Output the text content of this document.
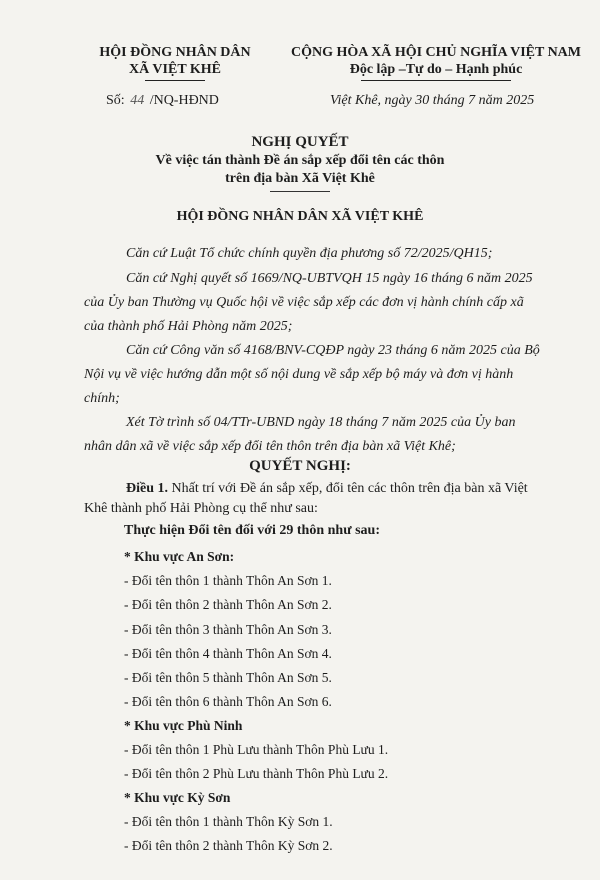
HỘI ĐỒNG NHÂN DÂN
XÃ VIỆT KHÊ
CỘNG HÒA XÃ HỘI CHỦ NGHĨA VIỆT NAM
Độc lập –Tự do – Hạnh phúc
Số: 44 /NQ-HĐND	Việt Khê, ngày 30 tháng 7 năm 2025
NGHỊ QUYẾT
Về việc tán thành Đề án sắp xếp đổi tên các thôn
trên địa bàn Xã Việt Khê
HỘI ĐỒNG NHÂN DÂN XÃ VIỆT KHÊ
Căn cứ Luật Tổ chức chính quyền địa phương số 72/2025/QH15;
Căn cứ Nghị quyết số 1669/NQ-UBTVQH 15 ngày 16 tháng 6 năm 2025
của Ủy ban Thường vụ Quốc hội về việc sắp xếp các đơn vị hành chính cấp xã
của thành phố Hải Phòng năm 2025;
Căn cứ Công văn số 4168/BNV-CQĐP ngày 23 tháng 6 năm 2025 của Bộ
Nội vụ về việc hướng dẫn một số nội dung về sắp xếp bộ máy và đơn vị hành
chính;
Xét Tờ trình số 04/TTr-UBND ngày 18 tháng 7 năm 2025 của Ủy ban
nhân dân xã về việc sắp xếp đổi tên thôn trên địa bàn xã Việt Khê;
QUYẾT NGHỊ:
Điều 1. Nhất trí với Đề án sắp xếp, đổi tên các thôn trên địa bàn xã Việt
Khê thành phố Hải Phòng cụ thể như sau:
Thực hiện Đổi tên đối với 29 thôn như sau:
* Khu vực An Sơn:
- Đổi tên thôn 1 thành Thôn An Sơn 1.
- Đổi tên thôn 2 thành Thôn An Sơn 2.
- Đổi tên thôn 3 thành Thôn An Sơn 3.
- Đổi tên thôn 4 thành Thôn An Sơn 4.
- Đổi tên thôn 5 thành Thôn An Sơn 5.
- Đổi tên thôn 6 thành Thôn An Sơn 6.
* Khu vực Phù Ninh
- Đổi tên thôn 1 Phù Lưu thành Thôn Phù Lưu 1.
- Đổi tên thôn 2 Phù Lưu thành Thôn Phù Lưu 2.
* Khu vực Kỳ Sơn
- Đổi tên thôn 1 thành Thôn Kỳ Sơn 1.
- Đổi tên thôn 2 thành Thôn Kỳ Sơn 2.
